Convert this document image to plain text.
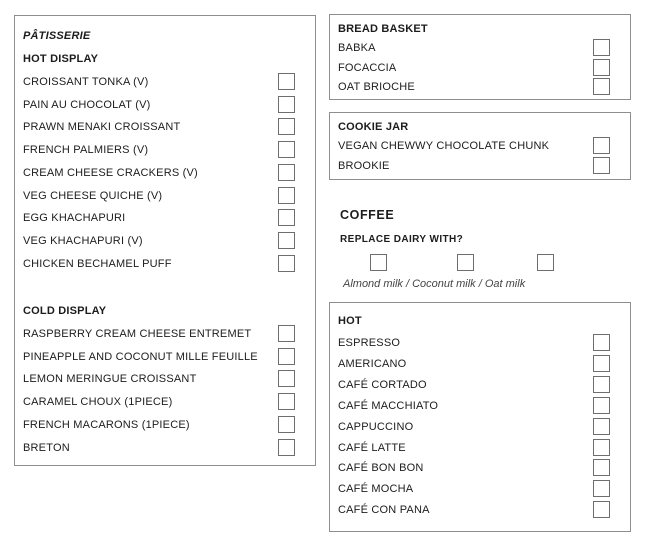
PÂTISSERIE
HOT DISPLAY
CROISSANT TONKA (V)
PAIN AU CHOCOLAT (V)
PRAWN MENAKI CROISSANT
FRENCH PALMIERS (V)
CREAM CHEESE CRACKERS (V)
VEG CHEESE QUICHE (V)
EGG KHACHAPURI
VEG KHACHAPURI (V)
CHICKEN BECHAMEL PUFF
COLD DISPLAY
RASPBERRY CREAM CHEESE ENTREMET
PINEAPPLE AND COCONUT MILLE FEUILLE
LEMON MERINGUE CROISSANT
CARAMEL CHOUX (1PIECE)
FRENCH MACARONS (1PIECE)
BRETON
BREAD BASKET
BABKA
FOCACCIA
OAT BRIOCHE
COOKIE JAR
VEGAN CHEWWY CHOCOLATE CHUNK
BROOKIE
COFFEE
REPLACE DAIRY WITH?
Almond milk / Coconut milk / Oat milk
HOT
ESPRESSO
AMERICANO
CAFÉ CORTADO
CAFÉ MACCHIATO
CAPPUCCINO
CAFÉ LATTE
CAFÉ BON BON
CAFÉ MOCHA
CAFÉ CON PANA
